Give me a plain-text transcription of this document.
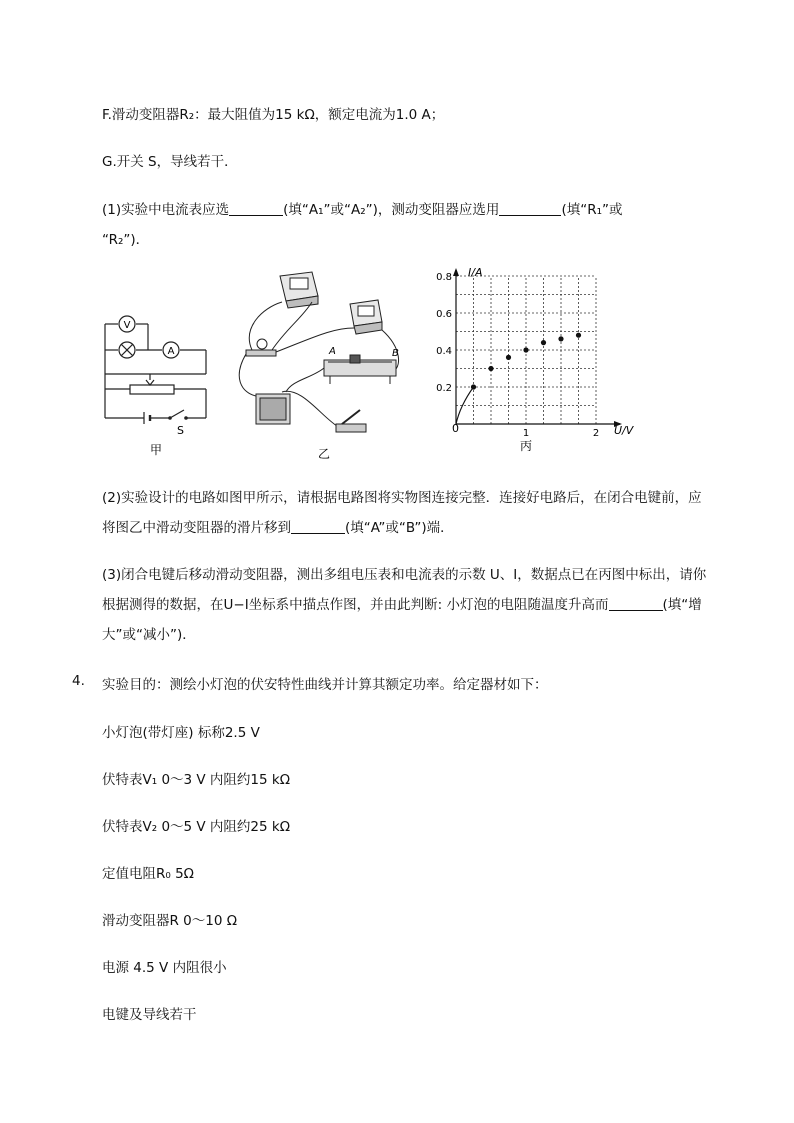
F.滑动变阻器R₂：最大阻值为15 kΩ，额定电流为1.0 A；
G.开关 S，导线若干．
(1)实验中电流表应选	(填“A₁”或“A₂”)，测动变阻器应选用	(填“R₁”或
“R₂”)．
V
A
S
甲
A	B
乙
0.2
0.4
0.6
0.8
1	2
I/A
U/V
0
丙
(2)实验设计的电路如图甲所示，请根据电路图将实物图连接完整．连接好电路后，在闭合电键前，应
将图乙中滑动变阻器的滑片移到	(填“A”或“B”)端．
(3)闭合电键后移动滑动变阻器，测出多组电压表和电流表的示数 U、I，数据点已在丙图中标出，请你
根据测得的数据，在U−I坐标系中描点作图，并由此判断: 小灯泡的电阻随温度升高而	(填“增
大”或“减小”)．
4. 实验目的：测绘小灯泡的伏安特性曲线并计算其额定功率。给定器材如下：
小灯泡(带灯座) 标称2.5 V
伏特表V₁ 0～3 V 内阻约15 kΩ
伏特表V₂ 0～5 V 内阻约25 kΩ
定值电阻R₀ 5Ω
滑动变阻器R 0～10 Ω
电源 4.5 V 内阻很小
电键及导线若干
